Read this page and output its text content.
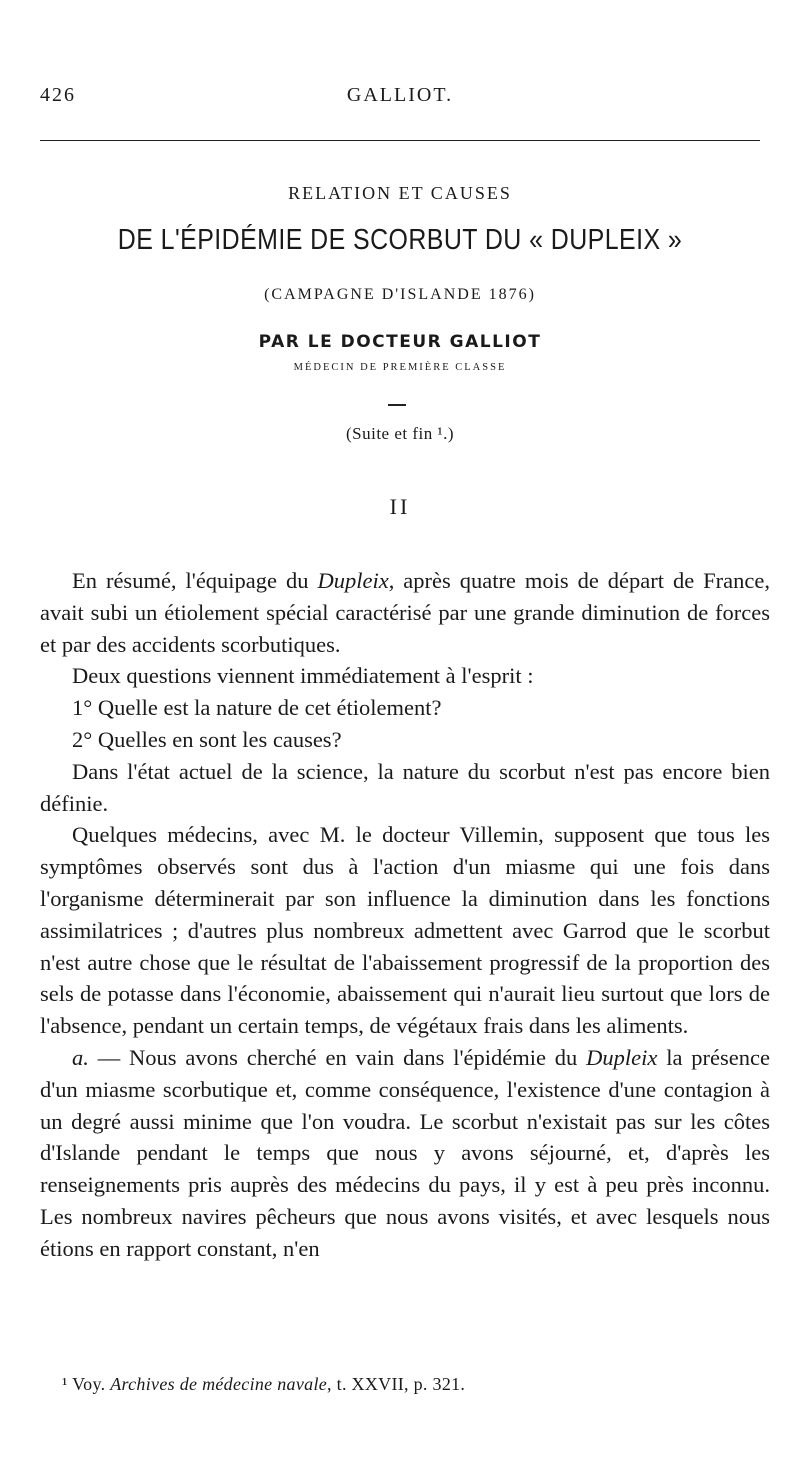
426	GALLIOT.
RELATION ET CAUSES
DE L'ÉPIDÉMIE DE SCORBUT DU « DUPLEIX »
(CAMPAGNE D'ISLANDE 1876)
PAR LE DOCTEUR GALLIOT
MÉDECIN DE PREMIÈRE CLASSE
(Suite et fin ¹.)
II

En résumé, l'équipage du Dupleix, après quatre mois de départ de France, avait subi un étiolement spécial caractérisé par une grande diminution de forces et par des accidents scorbutiques.

Deux questions viennent immédiatement à l'esprit :

1° Quelle est la nature de cet étiolement?

2° Quelles en sont les causes?

Dans l'état actuel de la science, la nature du scorbut n'est pas encore bien définie.

Quelques médecins, avec M. le docteur Villemin, supposent que tous les symptômes observés sont dus à l'action d'un miasme qui une fois dans l'organisme déterminerait par son influence la diminution dans les fonctions assimilatrices ; d'autres plus nombreux admettent avec Garrod que le scorbut n'est autre chose que le résultat de l'abaissement progressif de la proportion des sels de potasse dans l'économie, abaissement qui n'aurait lieu surtout que lors de l'absence, pendant un certain temps, de végétaux frais dans les aliments.

a. — Nous avons cherché en vain dans l'épidémie du Dupleix la présence d'un miasme scorbutique et, comme conséquence, l'existence d'une contagion à un degré aussi minime que l'on voudra. Le scorbut n'existait pas sur les côtes d'Islande pendant le temps que nous y avons séjourné, et, d'après les renseignements pris auprès des médecins du pays, il y est à peu près inconnu. Les nombreux navires pêcheurs que nous avons visités, et avec lesquels nous étions en rapport constant, n'en

¹ Voy. Archives de médecine navale, t. XXVII, p. 321.
